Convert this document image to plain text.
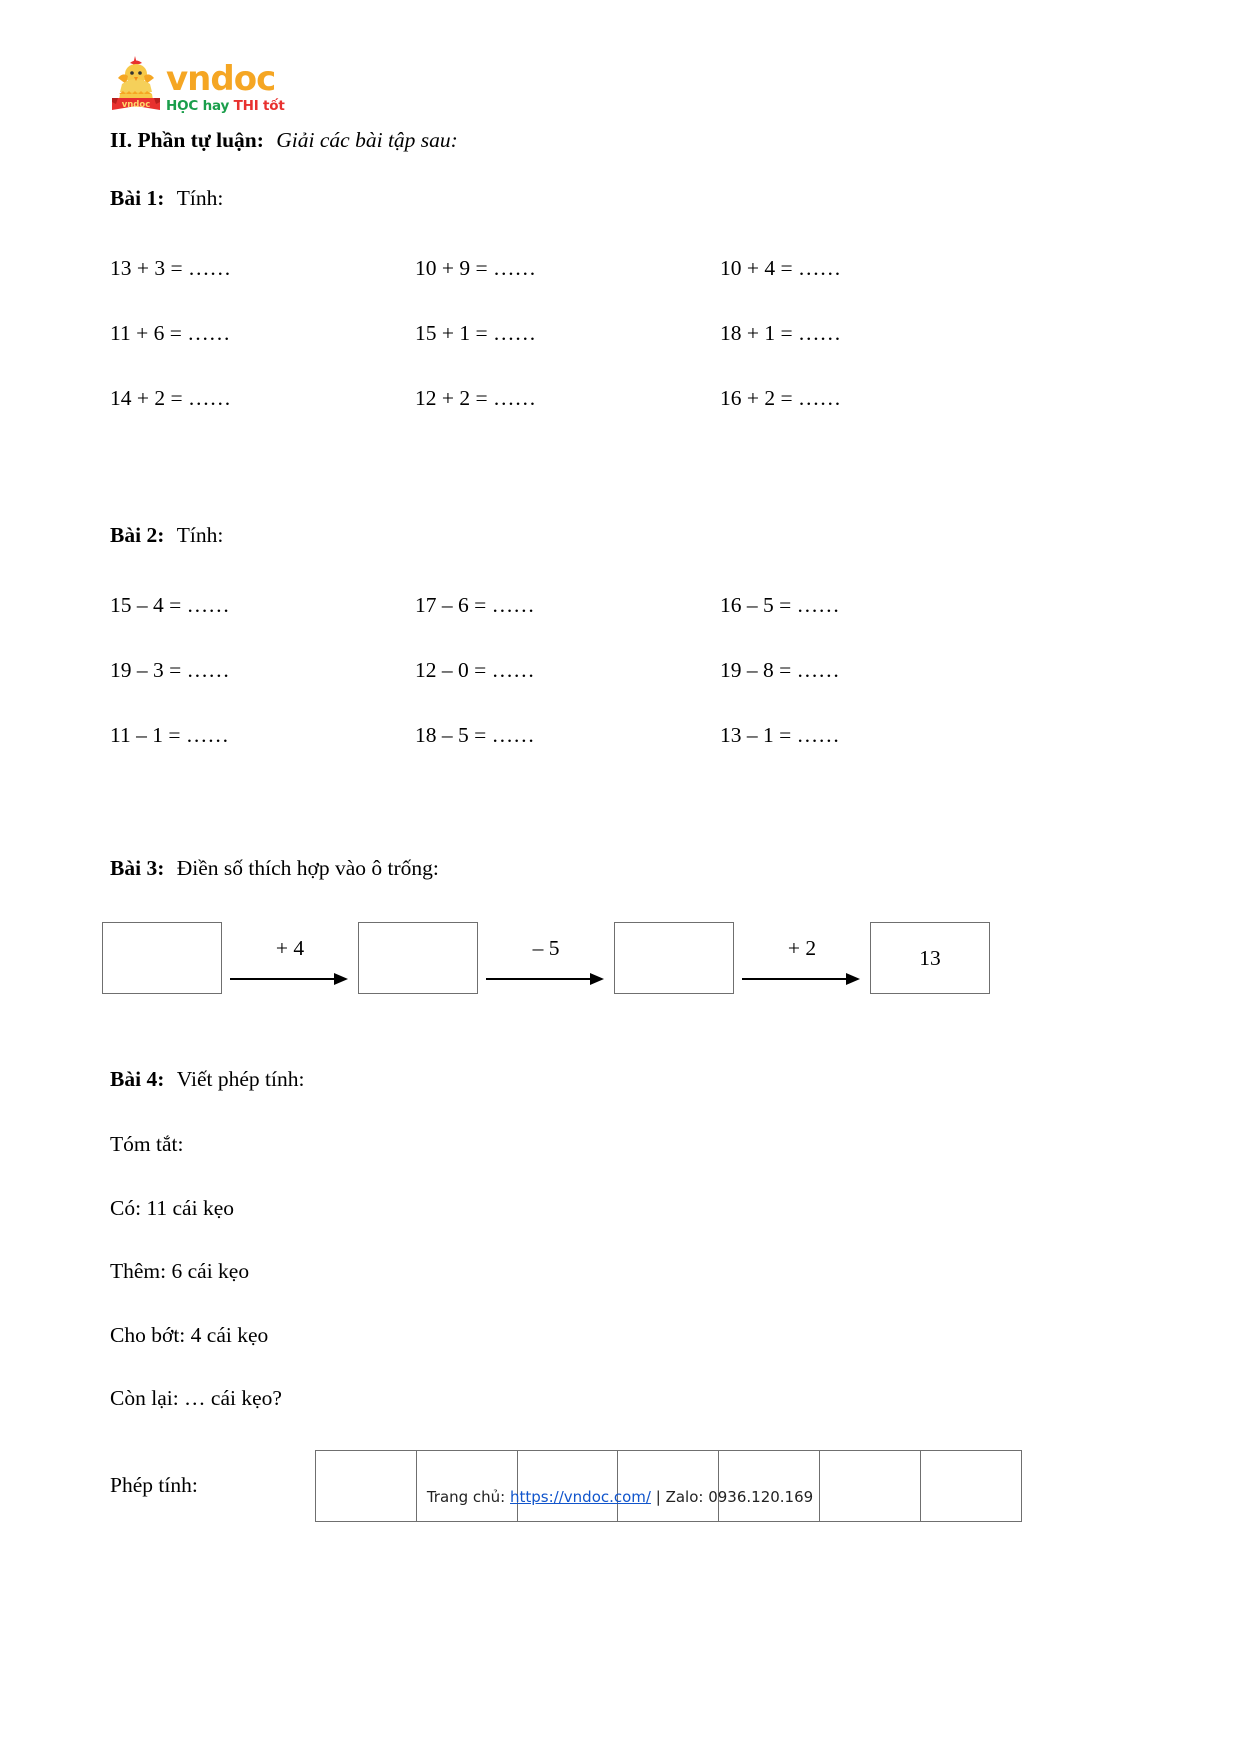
vndoc
vndoc
HỌC hay THI tốt
II. Phần tự luận: Giải các bài tập sau:
Bài 1: Tính:
13 + 3 = ……	10 + 9 = ……	10 + 4 = ……
11 + 6 = ……	15 + 1 = ……	18 + 1 = ……
14 + 2 = ……	12 + 2 = ……	16 + 2 = ……
Bài 2: Tính:
15 – 4 = ……	17 – 6 = ……	16 – 5 = ……
19 – 3 = ……	12 – 0 = ……	19 – 8 = ……
11 – 1 = ……	18 – 5 = ……	13 – 1 = ……
Bài 3: Điền số thích hợp vào ô trống:
+ 4	– 5	+ 2	13
Bài 4: Viết phép tính:
Tóm tắt:
Có: 11 cái kẹo
Thêm: 6 cái kẹo
Cho bớt: 4 cái kẹo
Còn lại: … cái kẹo?
Phép tính:	Trang chủ: https://vndoc.com/ | Zalo: 0936.120.169
